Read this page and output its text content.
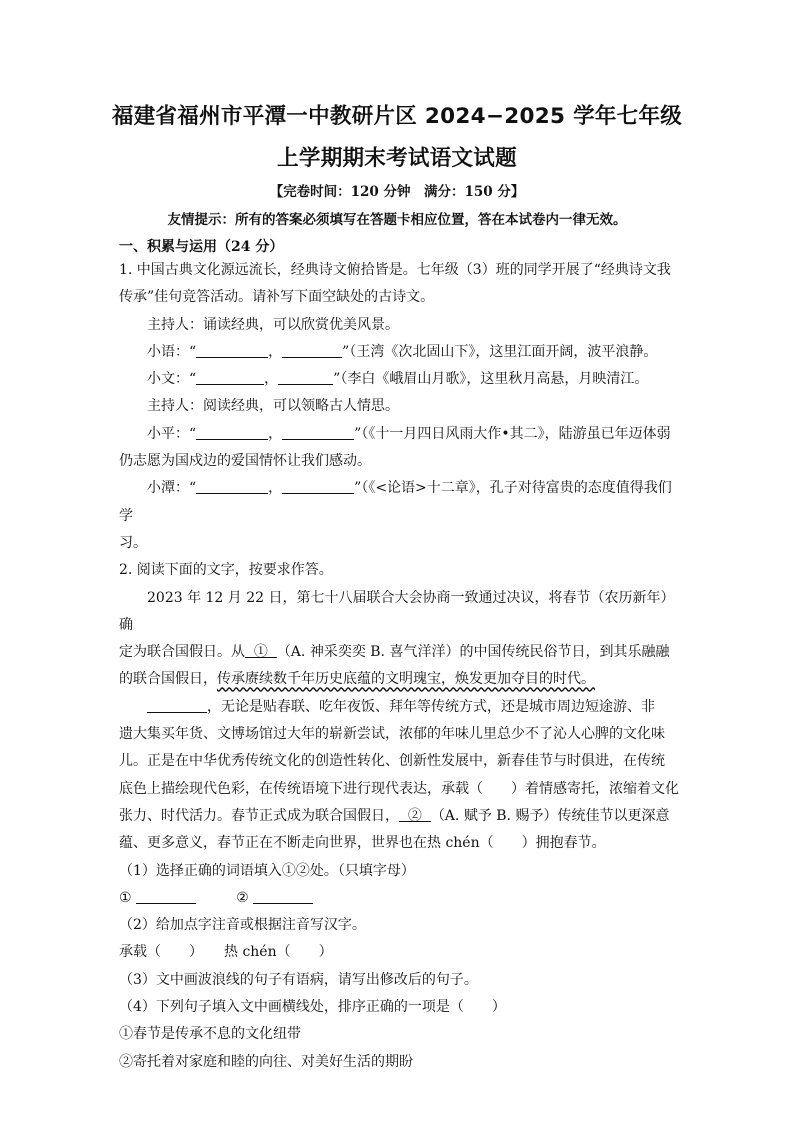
福建省福州市平潭一中教研片区 2024−2025 学年七年级
上学期期末考试语文试题
【完卷时间：120 分钟　满分：150 分】
友情提示：所有的答案必须填写在答题卡相应位置，答在本试卷内一律无效。
一、积累与运用（24 分）

1. 中国古典文化源远流长，经典诗文俯拾皆是。七年级（3）班的同学开展了“经典诗文我

传承”佳句竞答活动。请补写下面空缺处的古诗文。

主持人：诵读经典，可以欣赏优美风景。

小语：“	，	”（王湾《次北固山下》，这里江面开阔，波平浪静。

小文：“	，	”（李白《峨眉山月歌》，这里秋月高悬，月映清江。

主持人：阅读经典，可以领略古人情思。

小平：“	，	”（《十一月四日风雨大作•其二》，陆游虽已年迈体弱

仍志愿为国戍边的爱国情怀让我们感动。

小潭：“	，	”（《<论语>十二章》，孔子对待富贵的态度值得我们学

习。

2. 阅读下面的文字，按要求作答。

2023 年 12 月 22 日，第七十八届联合大会协商一致通过决议，将春节（农历新年）确

定为联合国假日。从 ① （A. 神采奕奕 B. 喜气洋洋）的中国传统民俗节日，到其乐融融

的联合国假日，传承赓续数千年历史底蕴的文明瑰宝，焕发更加夺目的时代。

，无论是贴春联、吃年夜饭、拜年等传统方式，还是城市周边短途游、非

遗大集买年货、文博场馆过大年的崭新尝试，浓郁的年味儿里总少不了沁人心脾的文化味

儿。正是在中华优秀传统文化的创造性转化、创新性发展中，新春佳节与时俱进，在传统

底色上描绘现代色彩，在传统语境下进行现代表达，承载（　　）着情感寄托，浓缩着文化

张力、时代活力。春节正式成为联合国假日， ② （A. 赋予 B. 赐予）传统佳节以更深意

蕴、更多意义，春节正在不断走向世界，世界也在热 chén（　　）拥抱春节。

（1）选择正确的词语填入①②处。（只填字母）

①	②

（2）给加点字注音或根据注音写汉字。

承载（　　）　　热 chén（　　）

（3）文中画波浪线的句子有语病，请写出修改后的句子。

（4）下列句子填入文中画横线处，排序正确的一项是（　　）

①春节是传承不息的文化纽带

②寄托着对家庭和睦的向往、对美好生活的期盼
